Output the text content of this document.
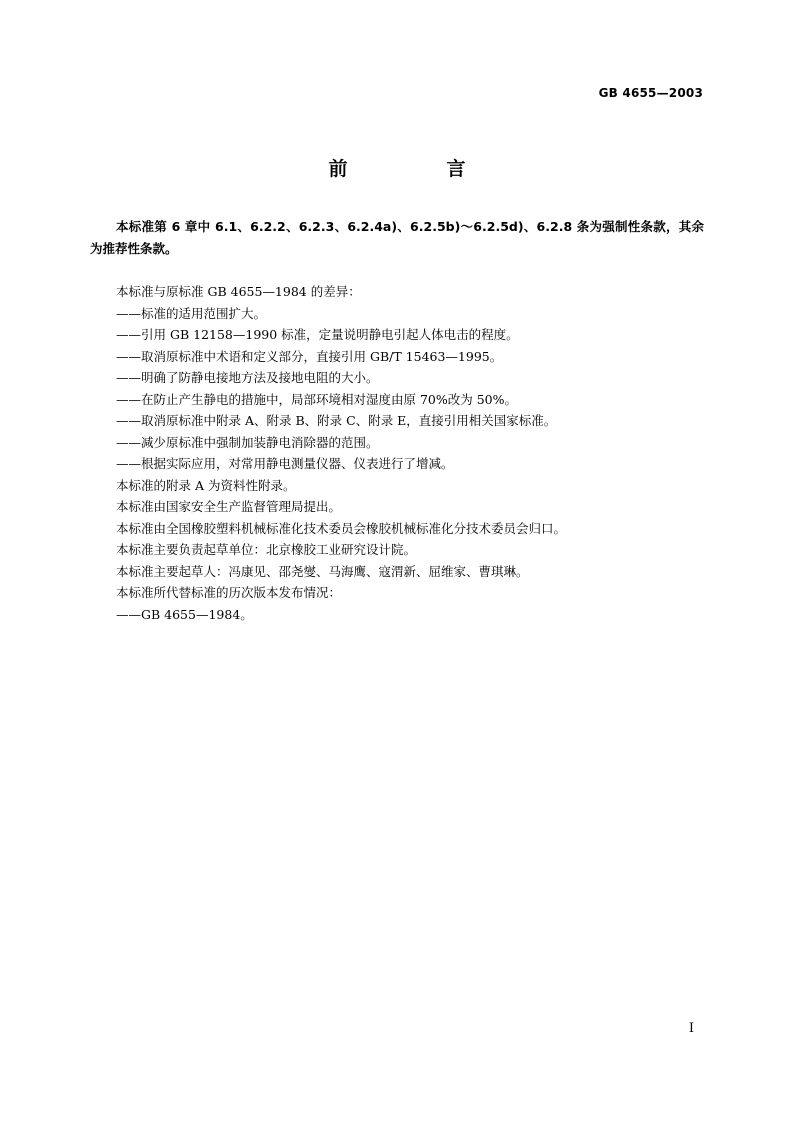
GB 4655—2003
前　言
本标准第 6 章中 6.1、6.2.2、6.2.3、6.2.4a)、6.2.5b)～6.2.5d)、6.2.8 条为强制性条款，其余为推荐性条款。
本标准与原标准 GB 4655—1984 的差异：
——标准的适用范围扩大。
——引用 GB 12158—1990 标准，定量说明静电引起人体电击的程度。
——取消原标准中术语和定义部分，直接引用 GB/T 15463—1995。
——明确了防静电接地方法及接地电阻的大小。
——在防止产生静电的措施中，局部环境相对湿度由原 70%改为 50%。
——取消原标准中附录 A、附录 B、附录 C、附录 E，直接引用相关国家标准。
——减少原标准中强制加装静电消除器的范围。
——根据实际应用，对常用静电测量仪器、仪表进行了增减。
本标准的附录 A 为资料性附录。
本标准由国家安全生产监督管理局提出。
本标准由全国橡胶塑料机械标准化技术委员会橡胶机械标准化分技术委员会归口。
本标准主要负责起草单位：北京橡胶工业研究设计院。
本标准主要起草人：冯康见、邵尧燮、马海鹰、寇渭新、屈维家、曹琪琳。
本标准所代替标准的历次版本发布情况：
——GB 4655—1984。
I
